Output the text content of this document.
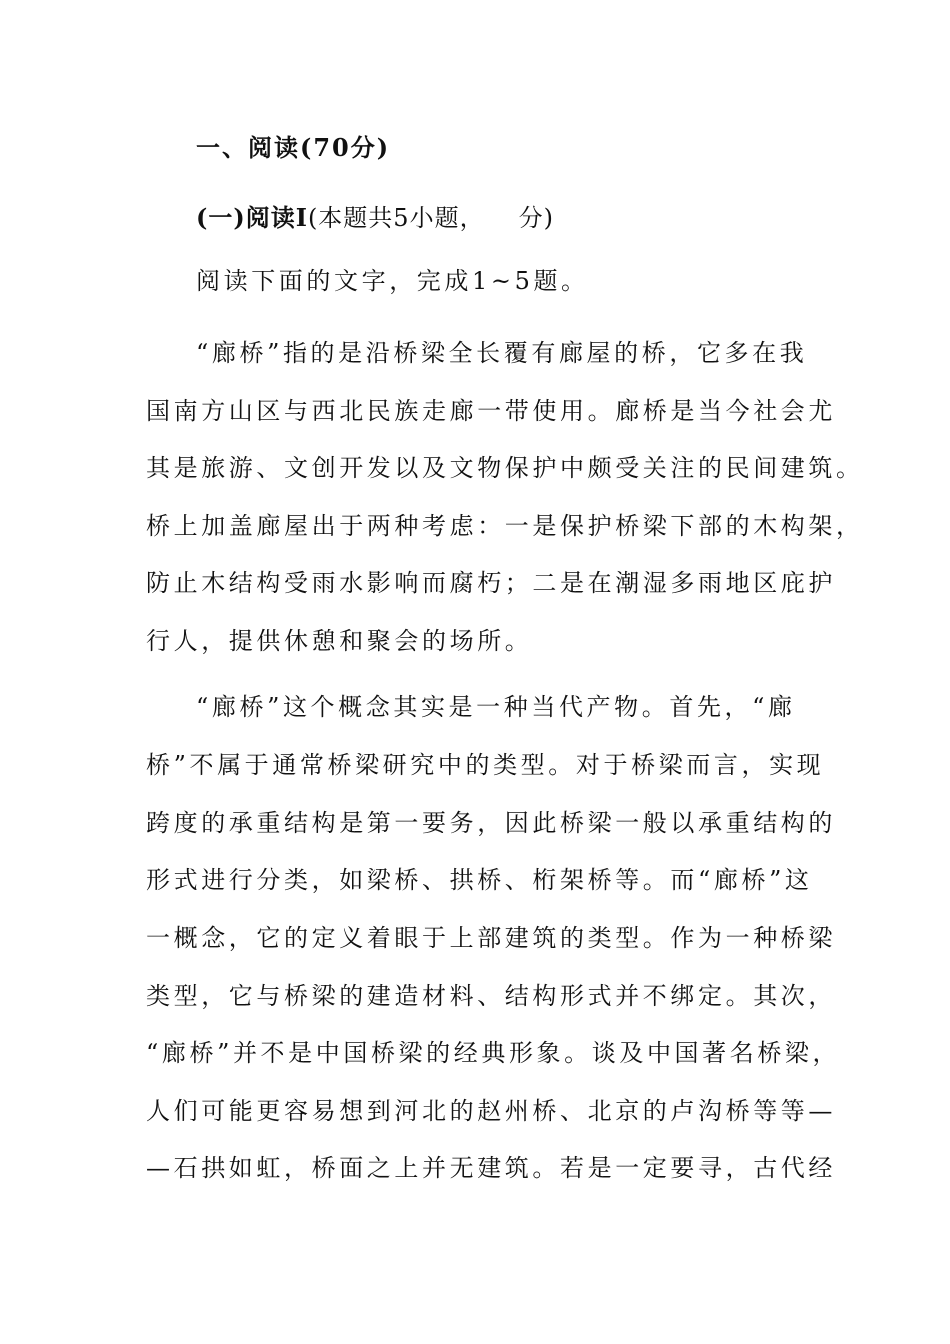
一、阅读(70分)
(一)阅读Ⅰ(本题共5小题， 分)
阅读下面的文字，完成1~5题。
“廊桥”指的是沿桥梁全长覆有廊屋的桥，它多在我
国南方山区与西北民族走廊一带使用。廊桥是当今社会尤
其是旅游、文创开发以及文物保护中颇受关注的民间建筑。
桥上加盖廊屋出于两种考虑：一是保护桥梁下部的木构架，
防止木结构受雨水影响而腐朽；二是在潮湿多雨地区庇护
行人，提供休憩和聚会的场所。
“廊桥”这个概念其实是一种当代产物。首先，“廊
桥”不属于通常桥梁研究中的类型。对于桥梁而言，实现
跨度的承重结构是第一要务，因此桥梁一般以承重结构的
形式进行分类，如梁桥、拱桥、桁架桥等。而“廊桥”这
一概念，它的定义着眼于上部建筑的类型。作为一种桥梁
类型，它与桥梁的建造材料、结构形式并不绑定。其次，
“廊桥”并不是中国桥梁的经典形象。谈及中国著名桥梁，
人们可能更容易想到河北的赵州桥、北京的卢沟桥等等—
—石拱如虹，桥面之上并无建筑。若是一定要寻，古代经
